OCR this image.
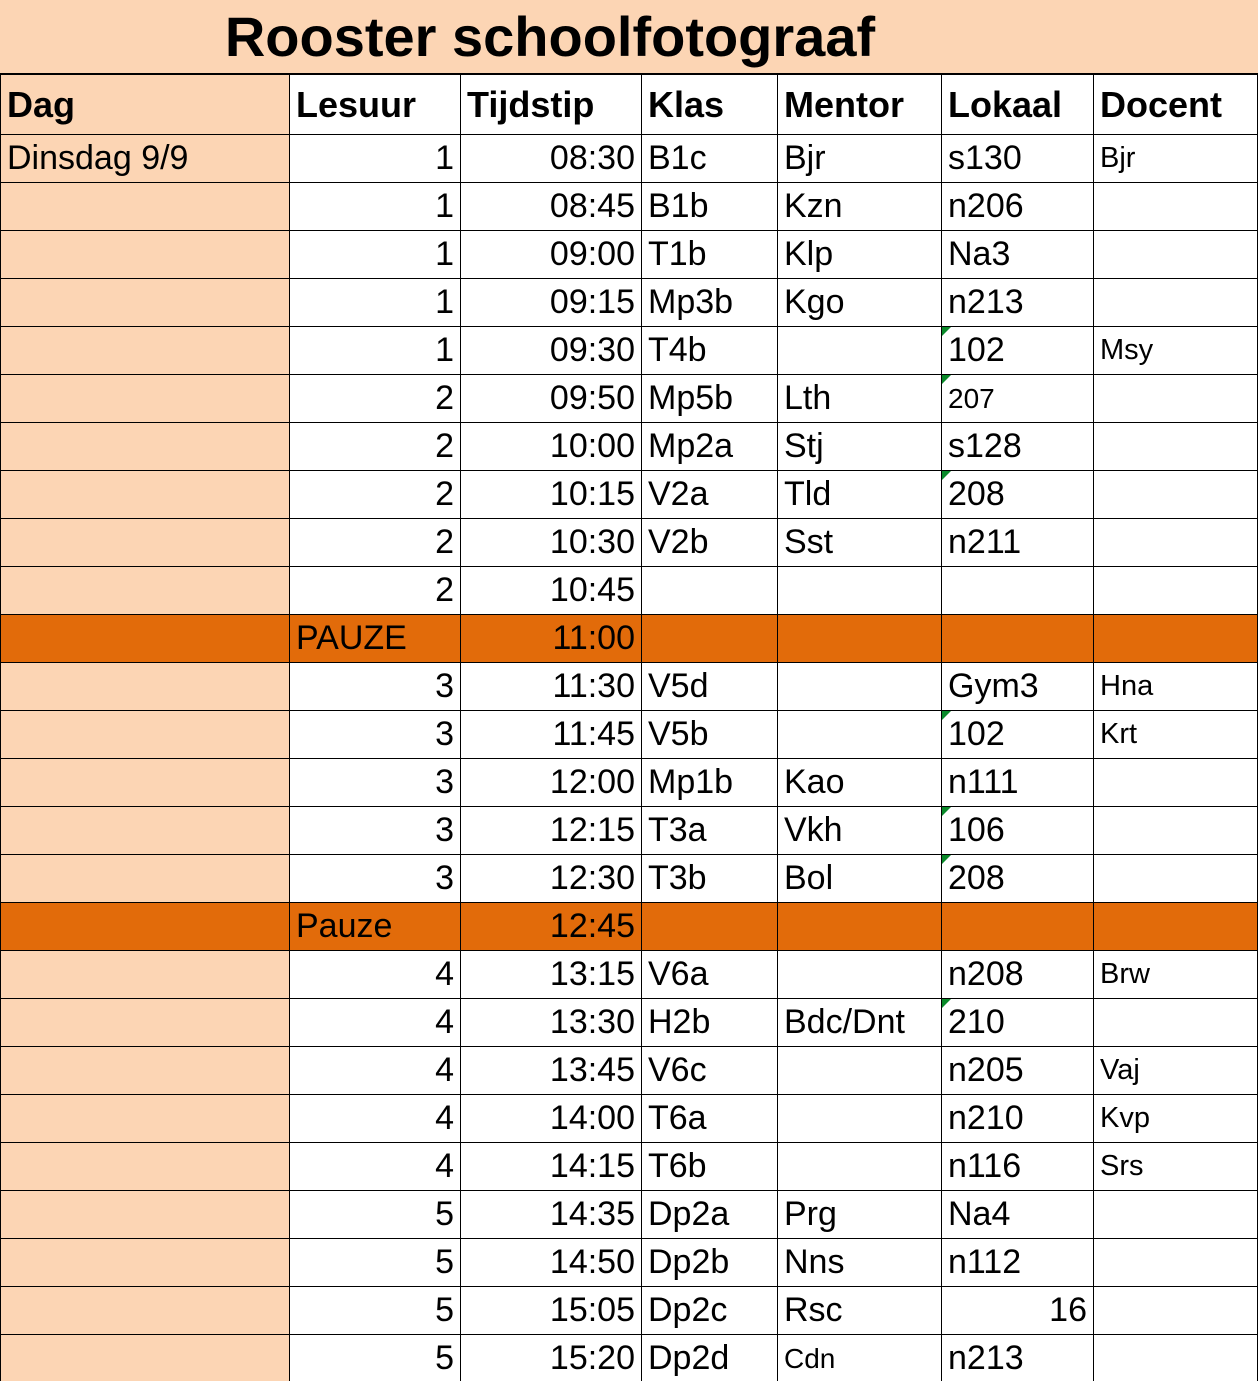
Rooster schoolfotograaf
Dag	Lesuur	Tijdstip	Klas	Mentor	Lokaal	Docent
Dinsdag 9/9	1	08:30	B1c	Bjr	s130	Bjr
	1	08:45	B1b	Kzn	n206	
	1	09:00	T1b	Klp	Na3	
	1	09:15	Mp3b	Kgo	n213	
	1	09:30	T4b		102	Msy
	2	09:50	Mp5b	Lth	207	
	2	10:00	Mp2a	Stj	s128	
	2	10:15	V2a	Tld	208	
	2	10:30	V2b	Sst	n211	
	2	10:45				
	PAUZE	11:00				
	3	11:30	V5d		Gym3	Hna
	3	11:45	V5b		102	Krt
	3	12:00	Mp1b	Kao	n111	
	3	12:15	T3a	Vkh	106	
	3	12:30	T3b	Bol	208	
	Pauze	12:45				
	4	13:15	V6a		n208	Brw
	4	13:30	H2b	Bdc/Dnt	210	
	4	13:45	V6c		n205	Vaj
	4	14:00	T6a		n210	Kvp
	4	14:15	T6b		n116	Srs
	5	14:35	Dp2a	Prg	Na4	
	5	14:50	Dp2b	Nns	n112	
	5	15:05	Dp2c	Rsc	16	
	5	15:20	Dp2d	Cdn	n213	
